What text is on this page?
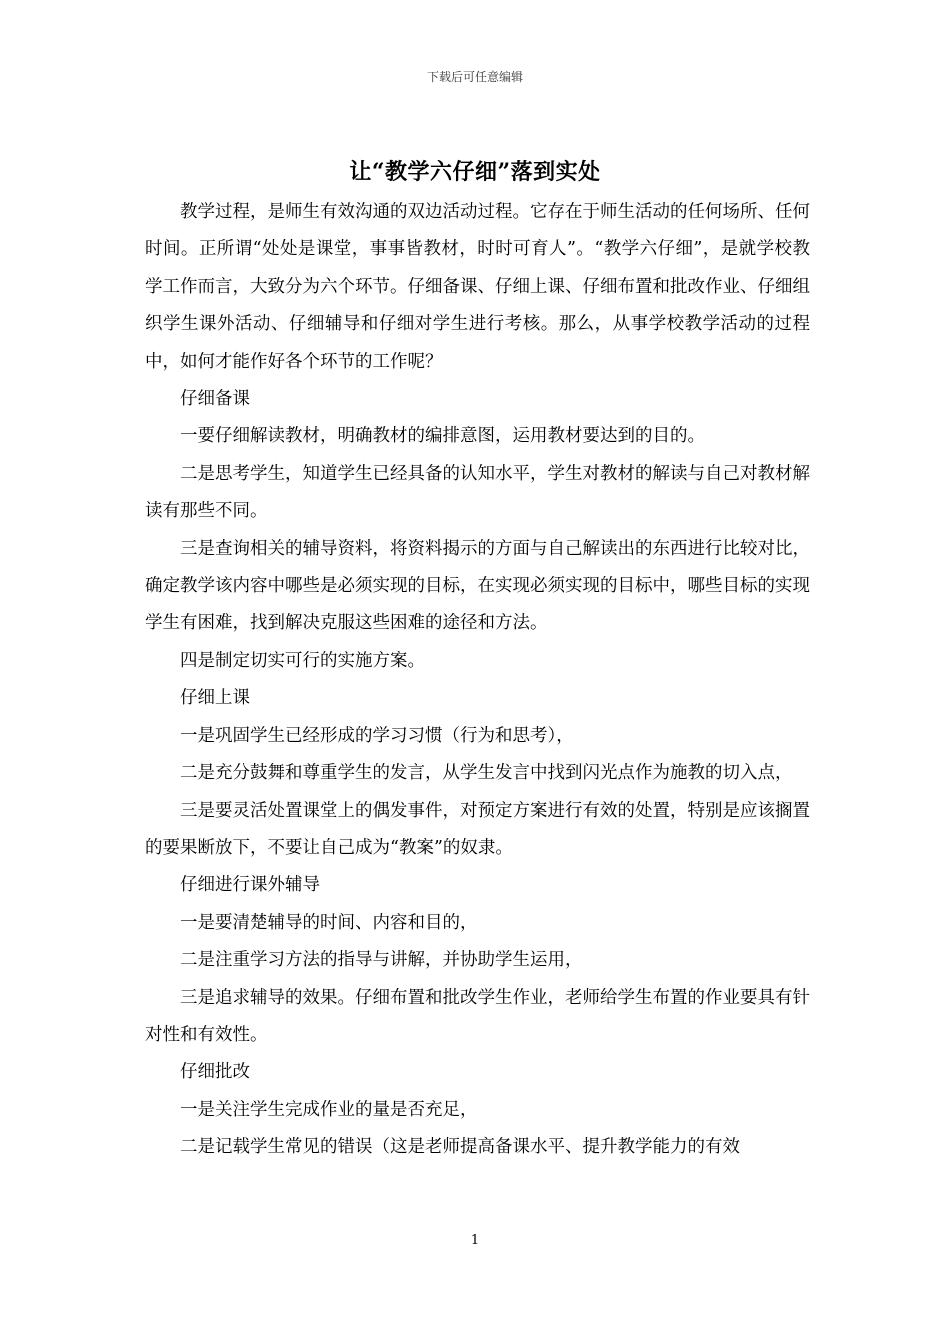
下载后可任意编辑
让“教学六仔细”落到实处

教学过程，是师生有效沟通的双边活动过程。它存在于师生活动的任何场所、任何时间。正所谓“处处是课堂，事事皆教材，时时可育人”。“教学六仔细”，是就学校教学工作而言，大致分为六个环节。仔细备课、仔细上课、仔细布置和批改作业、仔细组织学生课外活动、仔细辅导和仔细对学生进行考核。那么，从事学校教学活动的过程中，如何才能作好各个环节的工作呢？

仔细备课

一要仔细解读教材，明确教材的编排意图，运用教材要达到的目的。

二是思考学生，知道学生已经具备的认知水平，学生对教材的解读与自己对教材解读有那些不同。

三是查询相关的辅导资料，将资料揭示的方面与自己解读出的东西进行比较对比，确定教学该内容中哪些是必须实现的目标，在实现必须实现的目标中，哪些目标的实现学生有困难，找到解决克服这些困难的途径和方法。

四是制定切实可行的实施方案。

仔细上课

一是巩固学生已经形成的学习习惯（行为和思考），

二是充分鼓舞和尊重学生的发言，从学生发言中找到闪光点作为施教的切入点，

三是要灵活处置课堂上的偶发事件，对预定方案进行有效的处置，特别是应该搁置的要果断放下，不要让自己成为“教案”的奴隶。

仔细进行课外辅导

一是要清楚辅导的时间、内容和目的，

二是注重学习方法的指导与讲解，并协助学生运用，

三是追求辅导的效果。仔细布置和批改学生作业，老师给学生布置的作业要具有针对性和有效性。

仔细批改

一是关注学生完成作业的量是否充足，

二是记载学生常见的错误（这是老师提高备课水平、提升教学能力的有效

1
